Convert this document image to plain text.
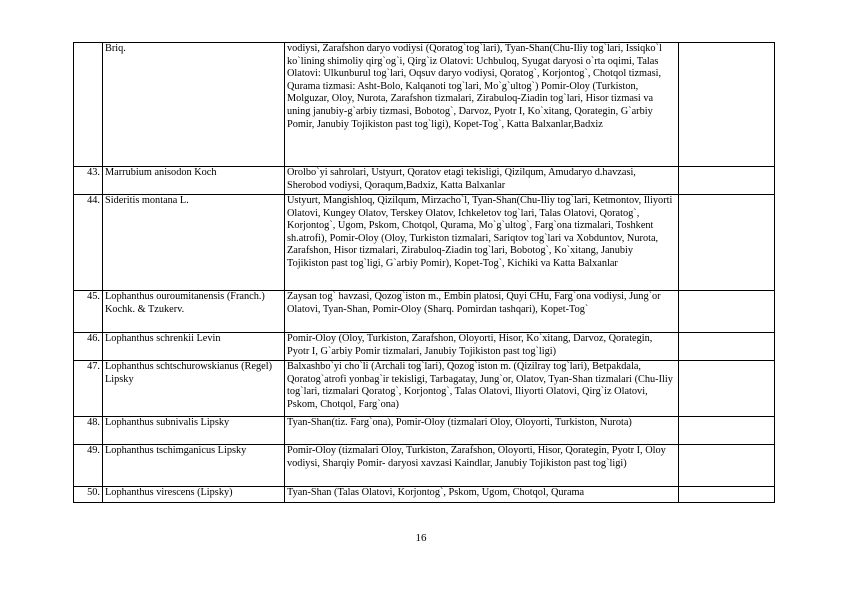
	Briq.	vodiysi, Zarafshon daryo vodiysi (Qoratog`tog`lari), Tyan-Shan(Chu-Iliy tog`lari, Issiqko`l ko`lining shimoliy qirg`og`i, Qirg`iz Olatovi: Uchbuloq, Syugat daryosi o`rta oqimi, Talas Olatovi: Ulkunburul tog`lari, Oqsuv daryo vodiysi, Qoratog`, Korjontog`, Chotqol tizmasi, Qurama tizmasi: Asht-Bolo, Kalqanoti tog`lari, Mo`g`ultog`) Pomir-Oloy (Turkiston, Molguzar, Oloy, Nurota, Zarafshon tizmalari, Zirabuloq-Ziadin tog`lari, Hisor tizmasi va uning janubiy-g`arbiy tizmasi, Bobotog`, Darvoz, Pyotr I, Ko`xitang, Qorategin, G`arbiy Pomir, Janubiy Tojikiston past tog`ligi), Kopet-Tog`, Katta Balxanlar,Badxiz	
43.	Marrubium anisodon Koch	Orolbo`yi sahrolari, Ustyurt, Qoratov etagi tekisligi, Qizilqum, Amudaryo d.havzasi, Sherobod vodiysi, Qoraqum,Badxiz, Katta Balxanlar	
44.	Sideritis montana L.	Ustyurt, Mangishloq, Qizilqum, Mirzacho`l, Tyan-Shan(Chu-Iliy tog`lari, Ketmontov, Iliyorti Olatovi, Kungey Olatov, Terskey Olatov, Ichkeletov tog`lari, Talas Olatovi, Qoratog`, Korjontog`, Ugom, Pskom, Chotqol, Qurama, Mo`g`ultog`, Farg`ona tizmalari, Toshkent sh.atrofi), Pomir-Oloy (Oloy, Turkiston tizmalari, Sariqtov tog`lari va Xobduntov, Nurota, Zarafshon, Hisor tizmalari, Zirabuloq-Ziadin tog`lari, Bobotog`, Ko`xitang, Janubiy Tojikiston past tog`ligi, G`arbiy Pomir), Kopet-Tog`, Kichiki va Katta Balxanlar	
45.	Lophanthus ouroumitanensis (Franch.) Kochk. & Tzukerv.	Zaysan tog` havzasi, Qozog`iston m., Embin platosi, Quyi CHu, Farg`ona vodiysi, Jung`or Olatovi, Tyan-Shan, Pomir-Oloy (Sharq. Pomirdan tashqari), Kopet-Tog`	
46.	Lophanthus schrenkii Levin	Pomir-Oloy (Oloy, Turkiston, Zarafshon, Oloyorti, Hisor, Ko`xitang, Darvoz, Qorategin, Pyotr I, G`arbiy Pomir tizmalari, Janubiy Tojikiston past tog`ligi)	
47.	Lophanthus schtschurowskianus (Regel) Lipsky	Balxashbo`yi cho`li (Archali tog`lari), Qozog`iston m. (Qizilray tog`lari), Betpakdala, Qoratog`atrofi yonbag`ir tekisligi, Tarbagatay, Jung`or, Olatov, Tyan-Shan tizmalari (Chu-Iliy tog`lari, tizmalari Qoratog`, Korjontog`, Talas Olatovi, Iliyorti Olatovi, Qirg`iz Olatovi, Pskom, Chotqol, Farg`ona)	
48.	Lophanthus subnivalis Lipsky	Tyan-Shan(tiz. Farg`ona), Pomir-Oloy (tizmalari Oloy, Oloyorti, Turkiston, Nurota)	
49.	Lophanthus tschimganicus Lipsky	Pomir-Oloy (tizmalari Oloy, Turkiston, Zarafshon, Oloyorti, Hisor, Qorategin, Pyotr I, Oloy vodiysi, Sharqiy Pomir- daryosi xavzasi Kaindlar, Janubiy Tojikiston past tog`ligi)	
50.	Lophanthus virescens (Lipsky)	Tyan-Shan (Talas Olatovi, Korjontog`, Pskom, Ugom, Chotqol, Qurama	
16
